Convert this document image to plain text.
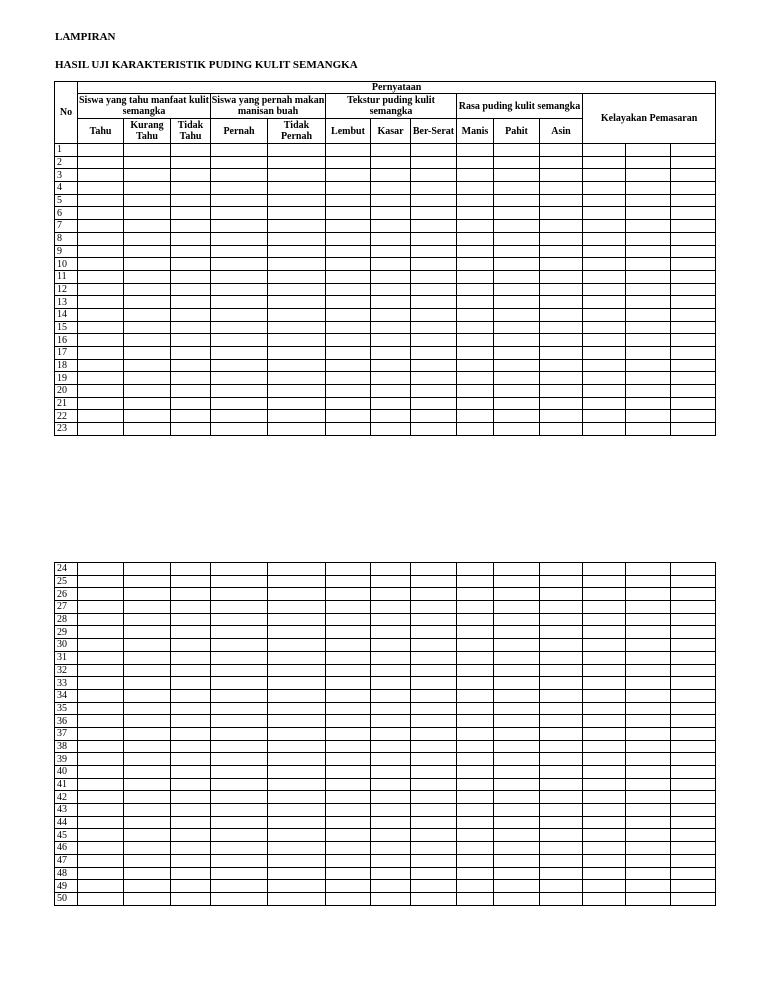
LAMPIRAN
HASIL UJI KARAKTERISTIK PUDING KULIT SEMANGKA
No	Pernyataan													
	Siswa yang tahu manfaat kulit semangka			Siswa yang pernah makan manisan buah		Tekstur puding kulit semangka			Rasa puding kulit semangka			Kelayakan Pemasaran		
	Tahu	Kurang Tahu	Tidak Tahu	Pernah	Tidak Pernah	Lembut	Kasar	Ber-Serat	Manis	Pahit	Asin			
1														
2														
3														
4														
5														
6														
7														
8														
9														
10														
11														
12														
13														
14														
15														
16														
17														
18														
19														
20														
21														
22														
23														
24														
25														
26														
27														
28														
29														
30														
31														
32														
33														
34														
35														
36														
37														
38														
39														
40														
41														
42														
43														
44														
45														
46														
47														
48														
49														
50														
